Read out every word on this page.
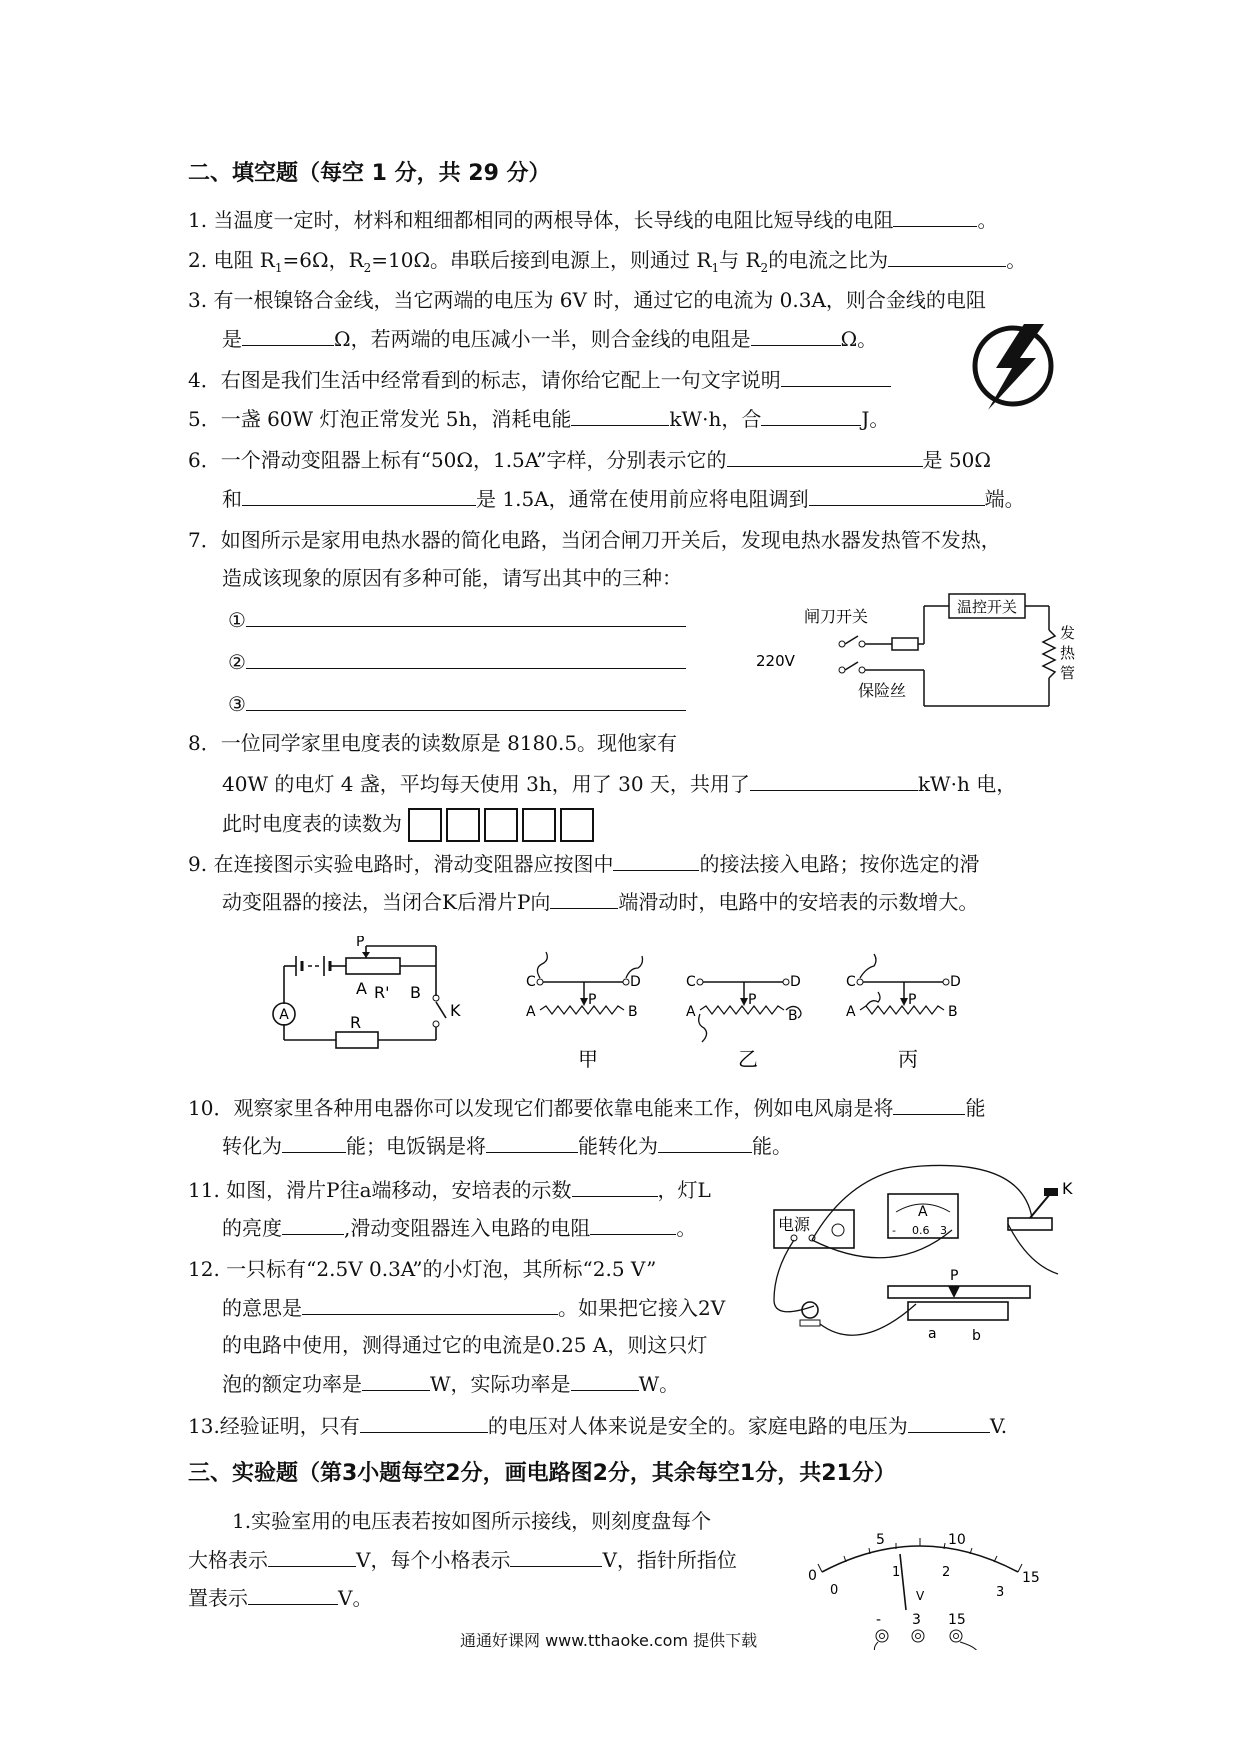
二、填空题（每空 1 分，共 29 分）
1. 当温度一定时，材料和粗细都相同的两根导体，长导线的电阻比短导线的电阻	。
2. 电阻 $R_1=6\Omega$，$R_2=10\Omega$。串联后接到电源上，则通过 $R_1$与 $R_2$的电流之比为	。
3. 有一根镍铬合金线，当它两端的电压为 6V 时，通过它的电流为 0.3A，则合金线的电阻
是	Ω，若两端的电压减小一半，则合金线的电阻是	Ω。
4．右图是我们生活中经常看到的标志，请你给它配上一句文字说明
5．一盏 60W 灯泡正常发光 5h，消耗电能	kW·h，合	J。
6．一个滑动变阻器上标有“50Ω，1.5A”字样，分别表示它的	是 50Ω
和	是 1.5A，通常在使用前应将电阻调到	端。
7．如图所示是家用电热水器的简化电路，当闭合闸刀开关后，发现电热水器发热管不发热，
造成该现象的原因有多种可能，请写出其中的三种：
①
②
③
温控开关
闸刀开关
220V
保险丝
发
热
管
8．一位同学家里电度表的读数原是 8180.5。现他家有
40W 的电灯 4 盏，平均每天使用 3h，用了 30 天，共用了	kW·h 电，
此时电度表的读数为
9. 在连接图示实验电路时，滑动变阻器应按图中	的接法接入电路；按你选定的滑
动变阻器的接法，当闭合K后滑片P向	端滑动时，电路中的安培表的示数增大。
A
P
A R' B
K
R
C	D
P
A	B
甲
C	D
P
A	B
乙
C	D
P
A	B
丙
10．观察家里各种用电器你可以发现它们都要依靠电能来工作，例如电风扇是将	能
转化为	能；电饭锅是将	能转化为	能。
11. 如图，滑片P往a端移动，安培表的示数	，灯L
的亮度	,滑动变阻器连入电路的电阻	。	电源
A
- 0.6 3
K
P
a	b
12. 一只标有“2.5V 0.3A”的小灯泡，其所标“2.5 V”
的意思是	。如果把它接入2V
的电路中使用，测得通过它的电流是0.25 A，则这只灯
泡的额定功率是	W，实际功率是	W。
13.经验证明，只有	的电压对人体来说是安全的。家庭电路的电压为	V.
三、实验题（第3小题每空2分，画电路图2分，其余每空1分，共21分）
1.实验室用的电压表若按如图所示接线，则刻度盘每个
大格表示	V，每个小格表示	V，指针所指位
置表示	V。
0
5	10
15
0
1	2
3
V
- 3 15
通通好课网 www.tthaoke.com 提供下载
